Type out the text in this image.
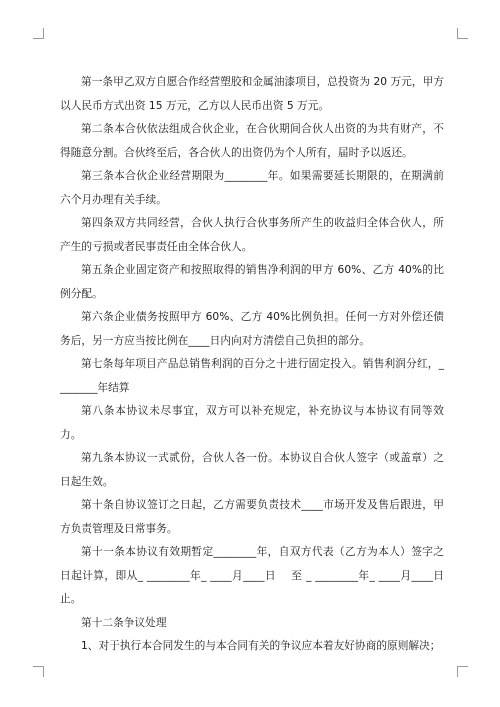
第一条甲乙双方自愿合作经营塑胶和金属油漆项目，总投资为 20 万元，甲方以人民币方式出资 15 万元，乙方以人民币出资 5 万元。

第二条本合伙依法组成合伙企业，在合伙期间合伙人出资的为共有财产，不得随意分割。合伙终至后，各合伙人的出资仍为个人所有，届时予以返还。

第三条本合伙企业经营期限为________年。如果需要延长期限的，在期满前六个月办理有关手续。

第四条双方共同经营，合伙人执行合伙事务所产生的收益归全体合伙人，所产生的亏损或者民事责任由全体合伙人。

第五条企业固定资产和按照取得的销售净利润的甲方 60%、乙方 40%的比例分配。

第六条企业债务按照甲方 60%、乙方 40%比例负担。任何一方对外偿还债务后，另一方应当按比例在____日内向对方清偿自己负担的部分。

第七条每年项目产品总销售利润的百分之十进行固定投入。销售利润分红，________年结算

第八条本协议未尽事宜，双方可以补充规定，补充协议与本协议有同等效力。

第九条本协议一式贰份，合伙人各一份。本协议自合伙人签字（或盖章）之日起生效。

第十条自协议签订之日起，乙方需要负责技术____市场开发及售后跟进，甲方负责管理及日常事务。

第十一条本协议有效期暂定________年，自双方代表（乙方为本人）签字之日起计算，即从_ ________年_ ____月____日    至 _ ________年_ ____月____日止。

第十二条争议处理

1、对于执行本合同发生的与本合同有关的争议应本着友好协商的原则解决；
